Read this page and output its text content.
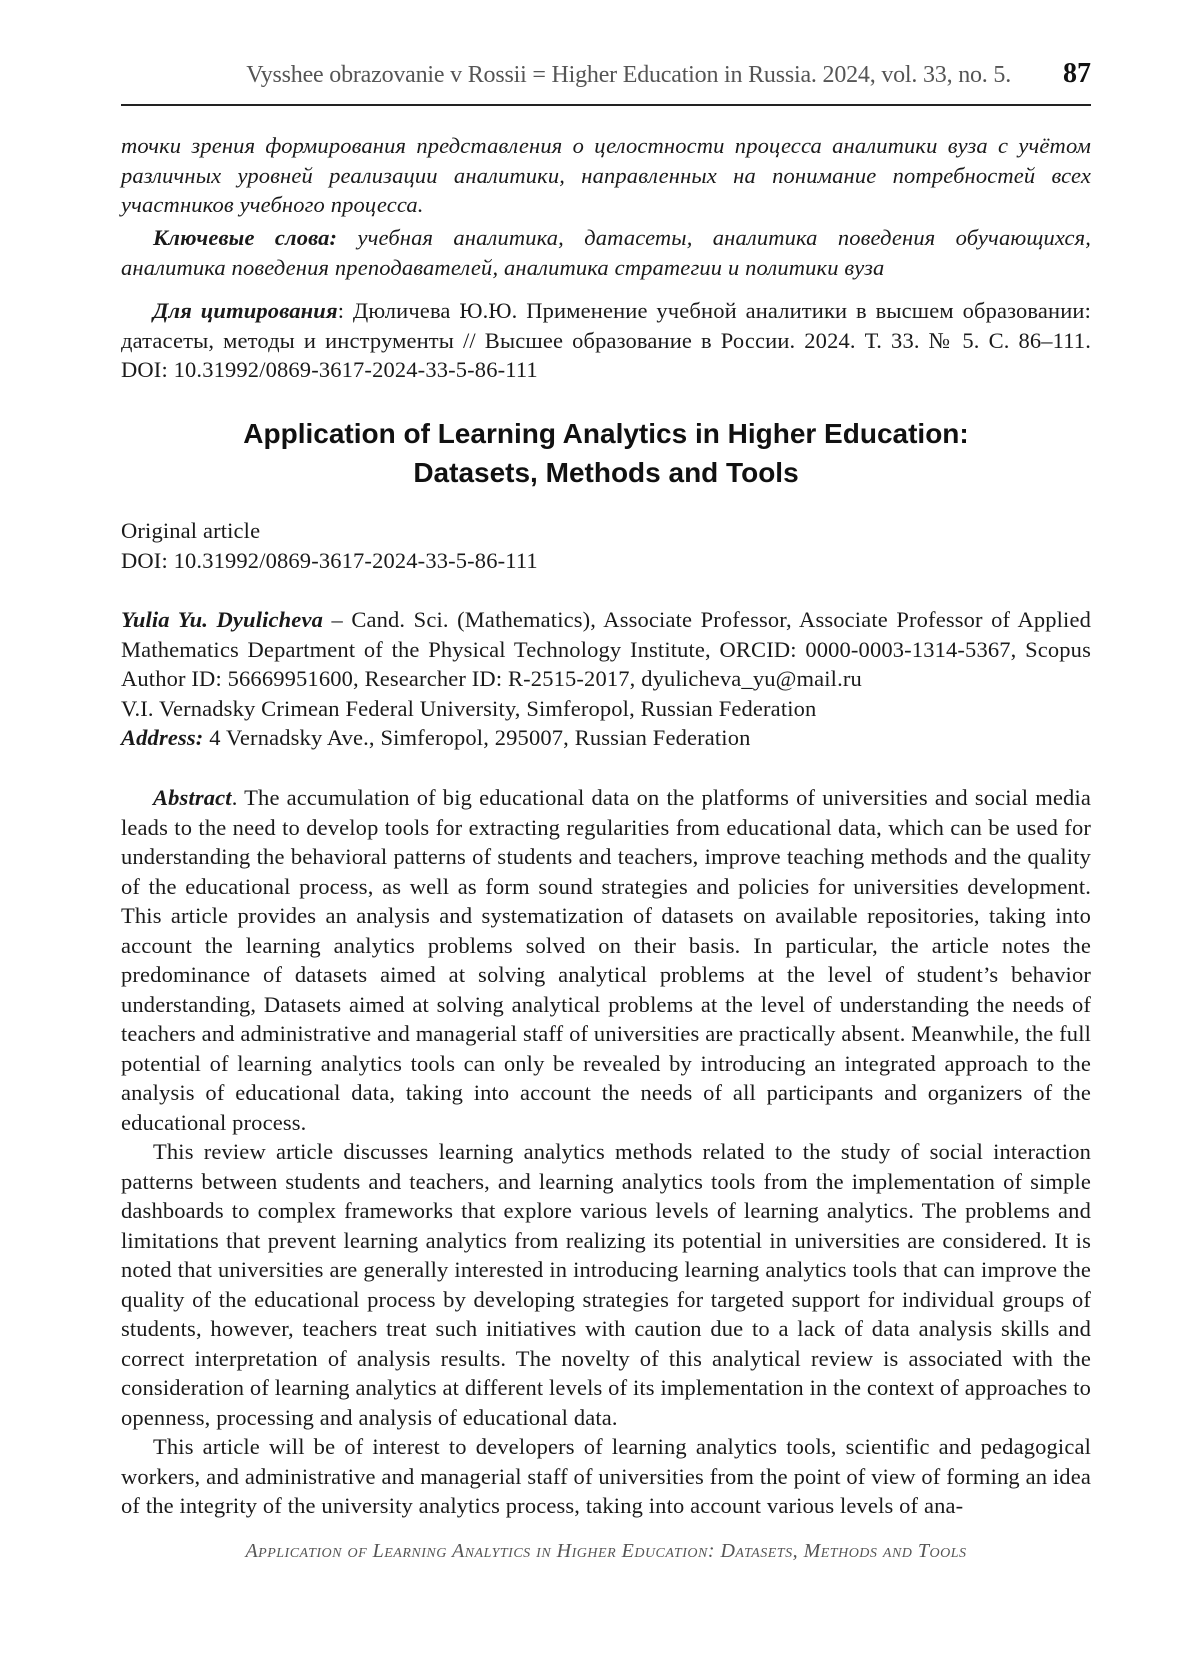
Vysshee obrazovanie v Rossii = Higher Education in Russia. 2024, vol. 33, no. 5. 87

точки зрения формирования представления о целостности процесса аналитики вуза с учётом различных уровней реализации аналитики, направленных на понимание потребностей всех участников учебного процесса.

Ключевые слова: учебная аналитика, датасеты, аналитика поведения обучающихся, аналитика поведения преподавателей, аналитика стратегии и политики вуза
Для цитирования: Дюличева Ю.Ю. Применение учебной аналитики в высшем образовании: датасеты, методы и инструменты // Высшее образование в России. 2024. Т. 33. № 5. С. 86–111. DOI: 10.31992/0869-3617-2024-33-5-86-111
Application of Learning Analytics in Higher Education:
Datasets, Methods and Tools
Original article
DOI: 10.31992/0869-3617-2024-33-5-86-111

Yulia Yu. Dyulicheva – Cand. Sci. (Mathematics), Associate Professor, Associate Professor of Applied Mathematics Department of the Physical Technology Institute, ORCID: 0000-0003-1314-5367, Scopus Author ID: 56669951600, Researcher ID: R-2515-2017, dyulicheva_yu@mail.ru

V.I. Vernadsky Crimean Federal University, Simferopol, Russian Federation

Address: 4 Vernadsky Ave., Simferopol, 295007, Russian Federation

Abstract. The accumulation of big educational data on the platforms of universities and social media leads to the need to develop tools for extracting regularities from educational data, which can be used for understanding the behavioral patterns of students and teachers, improve teaching methods and the quality of the educational process, as well as form sound strategies and policies for universities development. This article provides an analysis and systematization of datasets on available repositories, taking into account the learning analytics problems solved on their basis. In particular, the article notes the predominance of datasets aimed at solving analytical problems at the level of student’s behavior understanding, Datasets aimed at solving analytical problems at the level of understanding the needs of teachers and administrative and managerial staff of universities are practically absent. Meanwhile, the full potential of learning analytics tools can only be revealed by introducing an integrated approach to the analysis of educational data, taking into account the needs of all participants and organizers of the educational process.

This review article discusses learning analytics methods related to the study of social interaction patterns between students and teachers, and learning analytics tools from the implementation of simple dashboards to complex frameworks that explore various levels of learning analytics. The problems and limitations that prevent learning analytics from realizing its potential in universities are considered. It is noted that universities are generally interested in introducing learning analytics tools that can improve the quality of the educational process by developing strategies for targeted support for individual groups of students, however, teachers treat such initiatives with caution due to a lack of data analysis skills and correct interpretation of analysis results. The novelty of this analytical review is associated with the consideration of learning analytics at different levels of its implementation in the context of approaches to openness, processing and analysis of educational data.

This article will be of interest to developers of learning analytics tools, scientific and pedagogical workers, and administrative and managerial staff of universities from the point of view of forming an idea of the integrity of the university analytics process, taking into account various levels of ana-

Application of Learning Analytics in Higher Education: Datasets, Methods and Tools
